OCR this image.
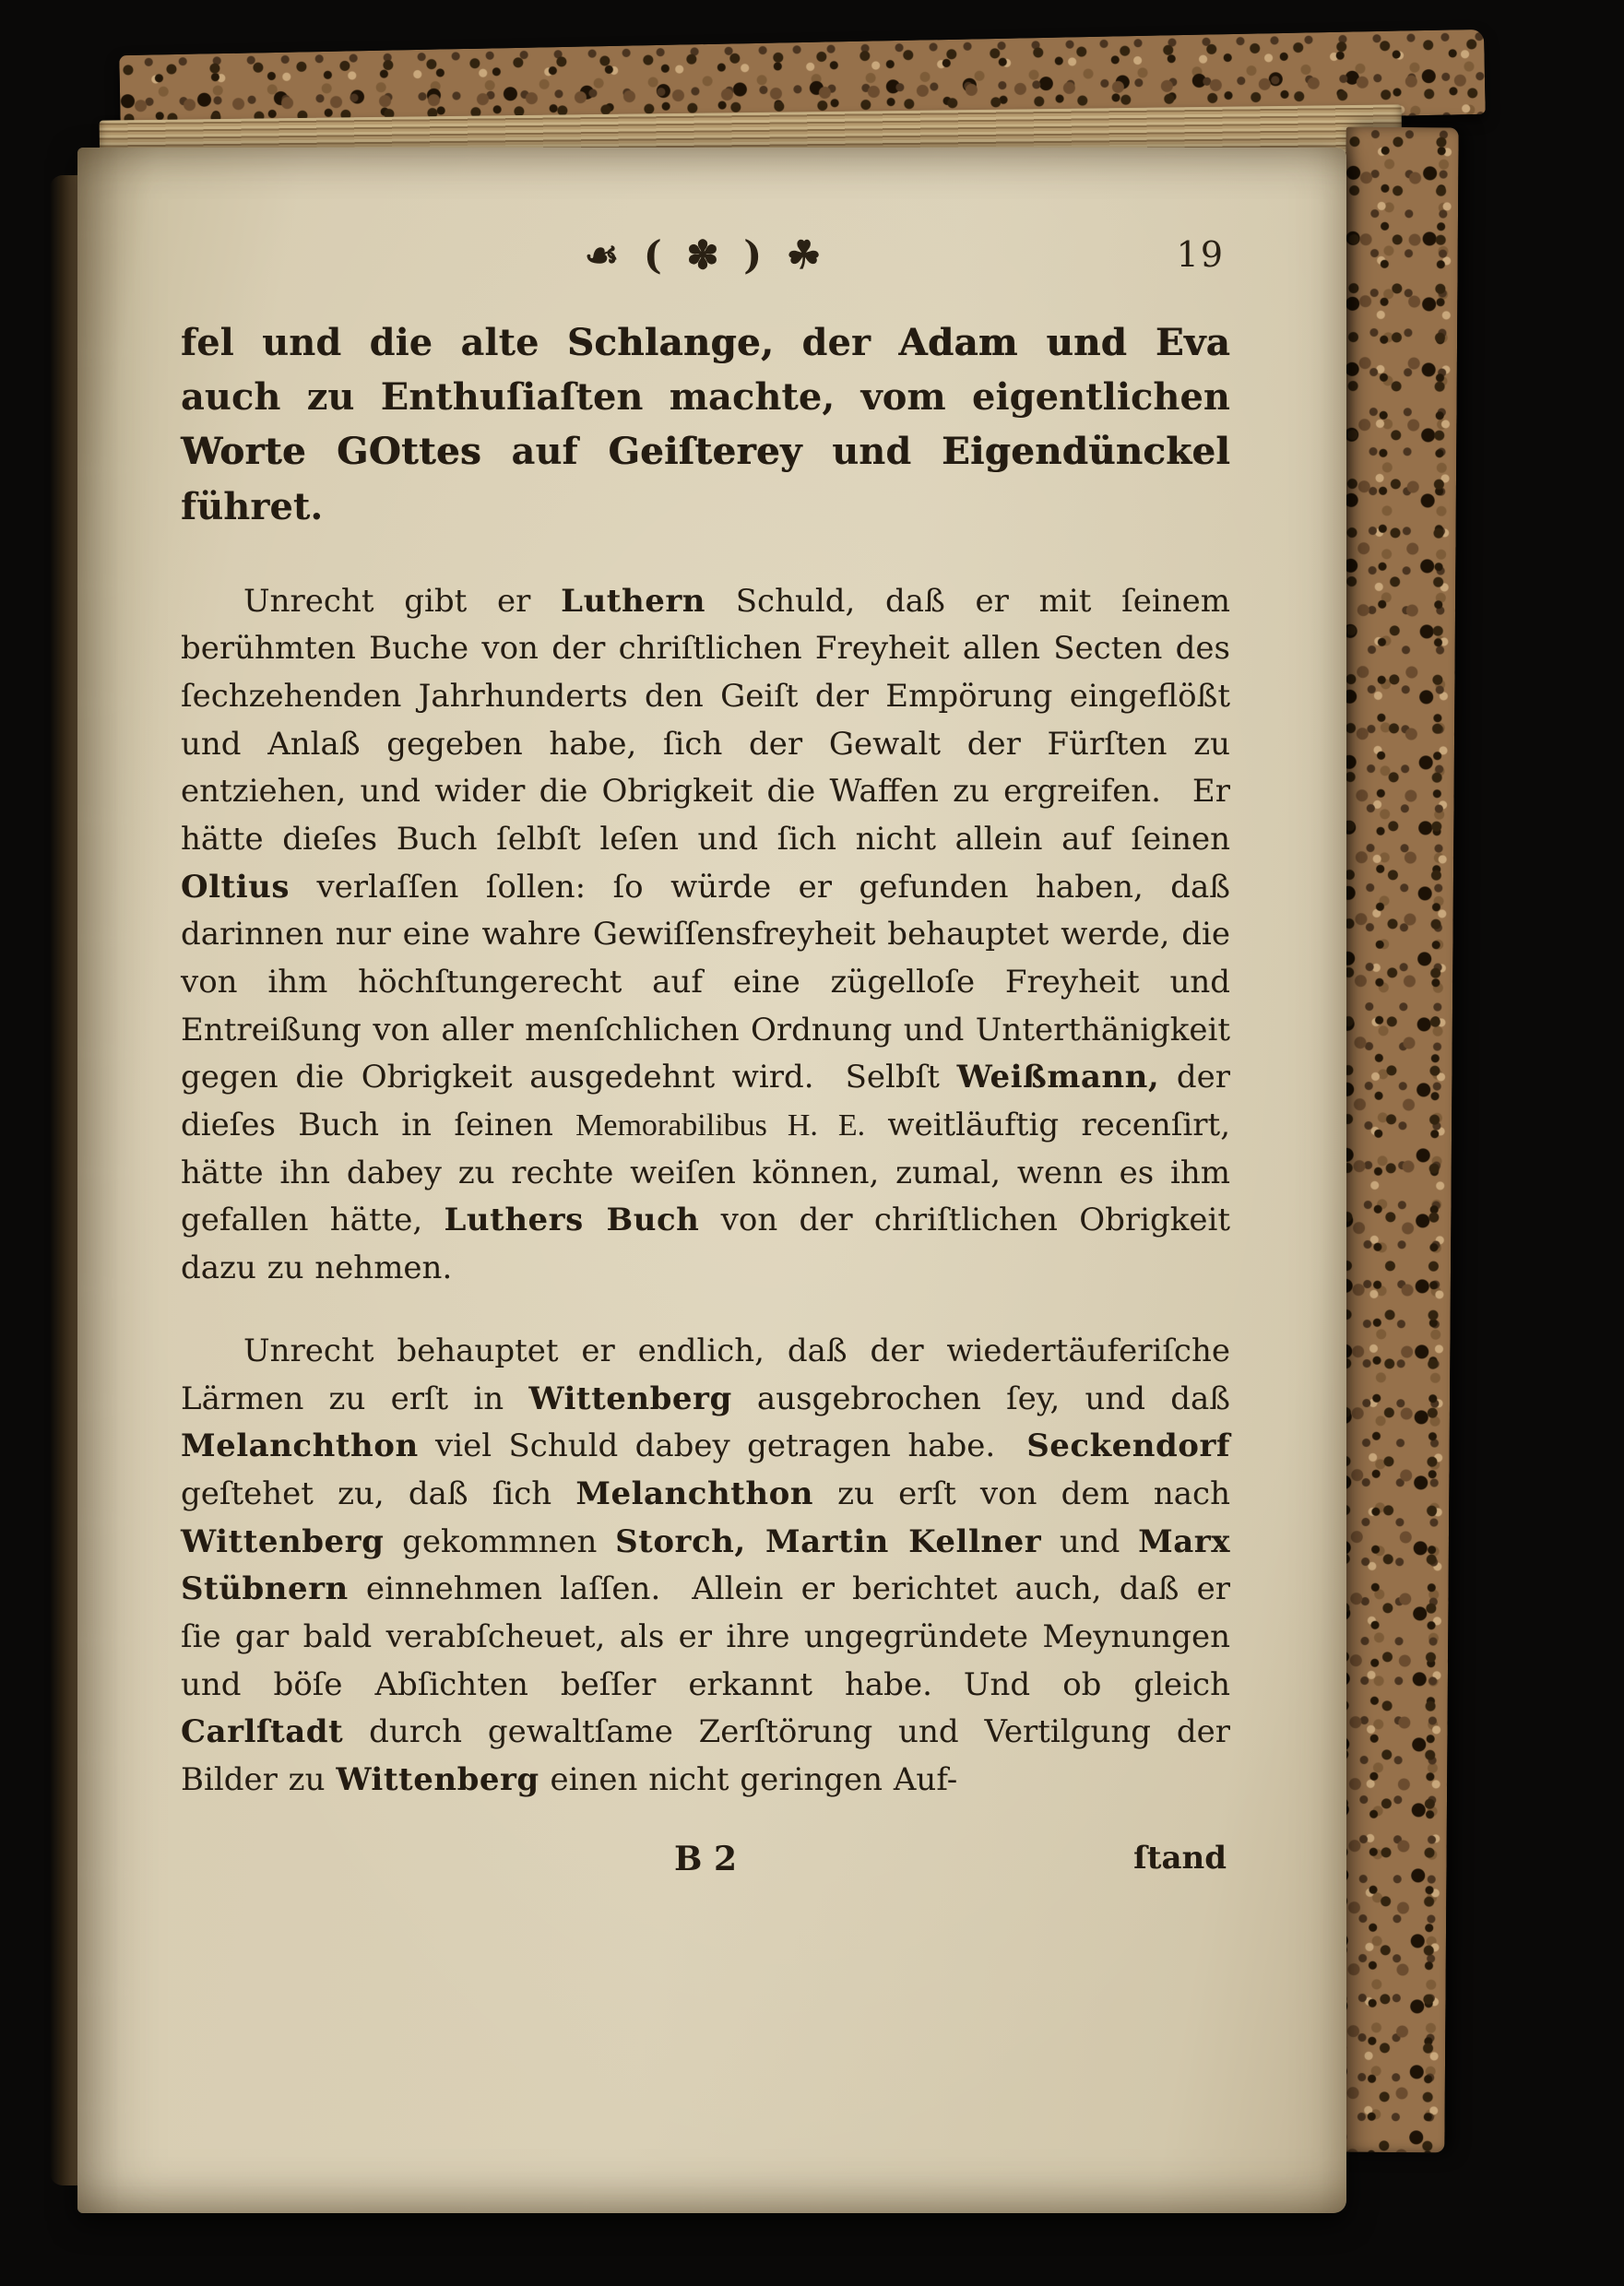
☙ ( ✽ ) ☘	19

fel und die alte Schlange, der Adam und Eva auch zu Enthuſiaſten machte, vom eigentlichen Worte GOttes auf Geiſterey und Eigendünckel führet.

Unrecht gibt er Luthern Schuld, daß er mit ſeinem berühmten Buche von der chriſtlichen Freyheit allen Secten des ſechzehenden Jahrhunderts den Geiſt der Empörung eingeflößt und Anlaß gegeben habe, ſich der Gewalt der Fürſten zu entziehen, und wider die Obrigkeit die Waffen zu ergreifen. Er hätte dieſes Buch ſelbſt leſen und ſich nicht allein auf ſeinen Oltius verlaſſen ſollen: ſo würde er gefunden haben, daß darinnen nur eine wahre Gewiſſensfreyheit behauptet werde, die von ihm höchſtungerecht auf eine zügelloſe Freyheit und Entreißung von aller menſchlichen Ordnung und Unterthänigkeit gegen die Obrigkeit ausgedehnt wird. Selbſt Weißmann, der dieſes Buch in ſeinen Memorabilibus H. E. weitläuftig recenſirt, hätte ihn dabey zu rechte weiſen können, zumal, wenn es ihm gefallen hätte, Luthers Buch von der chriſtlichen Obrigkeit dazu zu nehmen.

Unrecht behauptet er endlich, daß der wiedertäuferiſche Lärmen zu erſt in Wittenberg ausgebrochen ſey, und daß Melanchthon viel Schuld dabey getragen habe. Seckendorf geſtehet zu, daß ſich Melanchthon zu erſt von dem nach Wittenberg gekommnen Storch, Martin Kellner und Marx Stübnern einnehmen laſſen. Allein er berichtet auch, daß er ſie gar bald verabſcheuet, als er ihre ungegründete Meynungen und böſe Abſichten beſſer erkannt habe. Und ob gleich Carlſtadt durch gewaltſame Zerſtörung und Vertilgung der Bilder zu Wittenberg einen nicht geringen Auf-

B 2	ſtand
